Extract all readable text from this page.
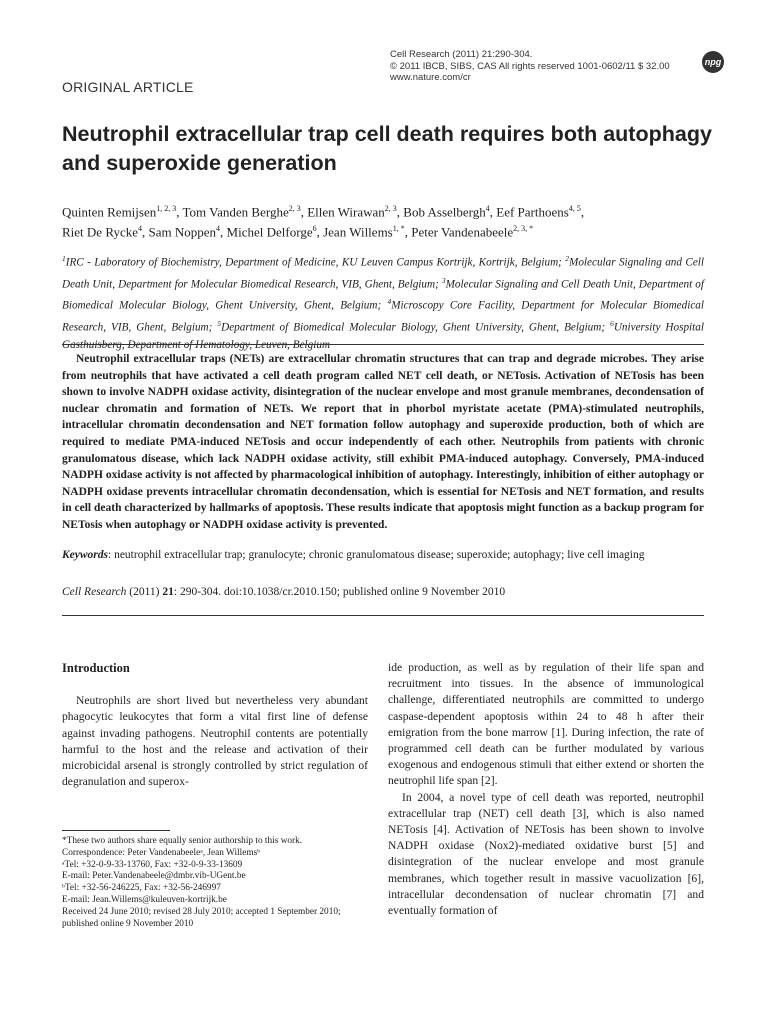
Cell Research (2011) 21:290-304.
© 2011 IBCB, SIBS, CAS All rights reserved 1001-0602/11 $ 32.00
www.nature.com/cr
npg
ORIGINAL ARTICLE
Neutrophil extracellular trap cell death requires both autophagy and superoxide generation
Quinten Remijsen$^{1, 2, 3}$, Tom Vanden Berghe$^{2, 3}$, Ellen Wirawan$^{2, 3}$, Bob Asselbergh$^4$, Eef Parthoens$^{4, 5}$,
Riet De Rycke$^4$, Sam Noppen$^4$, Michel Delforge$^6$, Jean Willems$^{1, *}$, Peter Vandenabeele$^{2, 3, *}$
$^1$IRC - Laboratory of Biochemistry, Department of Medicine, KU Leuven Campus Kortrijk, Kortrijk, Belgium; $^2$Molecular Signaling and Cell Death Unit, Department for Molecular Biomedical Research, VIB, Ghent, Belgium; $^3$Molecular Signaling and Cell Death Unit, Department of Biomedical Molecular Biology, Ghent University, Ghent, Belgium; $^4$Microscopy Core Facility, Department for Molecular Biomedical Research, VIB, Ghent, Belgium; $^5$Department of Biomedical Molecular Biology, Ghent University, Ghent, Belgium; $^6$University Hospital Gasthuisberg, Department of Hematology, Leuven, Belgium
Neutrophil extracellular traps (NETs) are extracellular chromatin structures that can trap and degrade microbes. They arise from neutrophils that have activated a cell death program called NET cell death, or NETosis. Activation of NETosis has been shown to involve NADPH oxidase activity, disintegration of the nuclear envelope and most granule membranes, decondensation of nuclear chromatin and formation of NETs. We report that in phorbol myristate acetate (PMA)-stimulated neutrophils, intracellular chromatin decondensation and NET formation follow autophagy and superoxide production, both of which are required to mediate PMA-induced NETosis and occur independently of each other. Neutrophils from patients with chronic granulomatous disease, which lack NADPH oxidase activity, still exhibit PMA-induced autophagy. Conversely, PMA-induced NADPH oxidase activity is not affected by pharmacological inhibition of autophagy. Interestingly, inhibition of either autophagy or NADPH oxidase prevents intracellular chromatin decondensation, which is essential for NETosis and NET formation, and results in cell death characterized by hallmarks of apoptosis. These results indicate that apoptosis might function as a backup program for NETosis when autophagy or NADPH oxidase activity is prevented.
Keywords: neutrophil extracellular trap; granulocyte; chronic granulomatous disease; superoxide; autophagy; live cell imaging
Cell Research (2011) 21: 290-304. doi:10.1038/cr.2010.150; published online 9 November 2010
Introduction

Neutrophils are short lived but nevertheless very abundant phagocytic leukocytes that form a vital first line of defense against invading pathogens. Neutrophil contents are potentially harmful to the host and the release and activation of their microbicidal arsenal is strongly controlled by strict regulation of degranulation and superox-

ide production, as well as by regulation of their life span and recruitment into tissues. In the absence of immunological challenge, differentiated neutrophils are committed to undergo caspase-dependent apoptosis within 24 to 48 h after their emigration from the bone marrow [1]. During infection, the rate of programmed cell death can be further modulated by various exogenous and endogenous stimuli that either extend or shorten the neutrophil life span [2].

In 2004, a novel type of cell death was reported, neutrophil extracellular trap (NET) cell death [3], which is also named NETosis [4]. Activation of NETosis has been shown to involve NADPH oxidase (Nox2)-mediated oxidative burst [5] and disintegration of the nuclear envelope and most granule membranes, which together result in massive vacuolization [6], intracellular decondensation of nuclear chromatin [7] and eventually formation of

*These two authors share equally senior authorship to this work.
Correspondence: Peter Vandenabeeleᵃ, Jean Willemsᵇ
ᵃTel: +32-0-9-33-13760, Fax: +32-0-9-33-13609
E-mail: Peter.Vandenabeele@dmbr.vib-UGent.be
ᵇTel: +32-56-246225, Fax: +32-56-246997
E-mail: Jean.Willems@kuleuven-kortrijk.be
Received 24 June 2010; revised 28 July 2010; accepted 1 September 2010;
published online 9 November 2010
